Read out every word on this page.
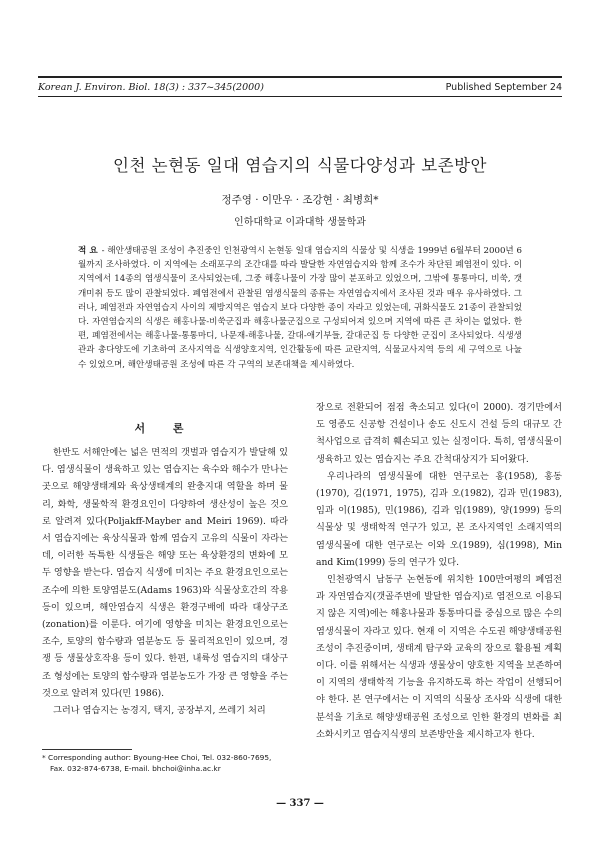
Korean J. Environ. Biol. 18(3) : 337~345(2000)	Published September 24
인천 논현동 일대 염습지의 식물다양성과 보존방안
정주영 · 이만우 · 조강현 · 최병희*
인하대학교 이과대학 생물학과
적 요 - 해안생태공원 조성이 추진중인 인천광역시 논현동 일대 염습지의 식물상 및 식생을 1999년 6월부터 2000년 6월까지 조사하였다. 이 지역에는 소래포구의 조간대를 따라 발달한 자연염습지와 함께 조수가 차단된 폐염전이 있다. 이 지역에서 14종의 염생식물이 조사되었는데, 그중 해홍나물이 가장 많이 분포하고 있었으며, 그밖에 통통마디, 비쑥, 갯개미취 등도 많이 관찰되었다. 폐염전에서 관찰된 염생식물의 종류는 자연염습지에서 조사된 것과 매우 유사하였다. 그러나, 폐염전과 자연염습지 사이의 제방지역은 염습지 보다 다양한 종이 자라고 있었는데, 귀화식물도 21종이 관찰되었다. 자연염습지의 식생은 해홍나물-비쑥군집과 해홍나물군집으로 구성되어져 있으며 지역에 따른 큰 차이는 없었다. 한편, 폐염전에서는 해홍나물-통통마디, 나문재-해홍나물, 갈대-애기부들, 갈대군집 등 다양한 군집이 조사되었다. 식생생관과 총다양도에 기초하여 조사지역을 식생양호지역, 인간활동에 따른 교란지역, 식물교사지역 등의 세 구역으로 나눌 수 있었으며, 해안생태공원 조성에 따른 각 구역의 보존대책을 제시하였다.
서 론

한반도 서해안에는 넓은 면적의 갯벌과 염습지가 발달해 있다. 염생식물이 생육하고 있는 염습지는 육수와 해수가 만나는 곳으로 해양생태계와 육상생태계의 완충지대 역할을 하며 물리, 화학, 생물학적 환경요인이 다양하여 생산성이 높은 것으로 알려져 있다(Poljakff-Mayber and Meiri 1969). 따라서 염습지에는 육상식물과 함께 염습지 고유의 식물이 자라는데, 이러한 독특한 식생들은 해양 또는 육상환경의 변화에 모두 영향을 받는다. 염습지 식생에 미치는 주요 환경요인으로는 조수에 의한 토양염분도(Adams 1963)와 식물상호간의 작용 등이 있으며, 해안염습지 식생은 환경구배에 따라 대상구조(zonation)를 이룬다. 여기에 영향을 미치는 환경요인으로는 조수, 토양의 함수량과 염분농도 등 물리적요인이 있으며, 경쟁 등 생물상호작용 등이 있다. 한편, 내륙성 염습지의 대상구조 형성에는 토양의 함수량과 염분농도가 가장 큰 영향을 주는 것으로 알려져 있다(민 1986).

그러나 염습지는 농경지, 택지, 공장부지, 쓰레기 처리

장으로 전환되어 점점 축소되고 있다(이 2000). 경기만에서도 영종도 신공항 건설이나 송도 신도시 건설 등의 대규모 간척사업으로 급격히 훼손되고 있는 실정이다. 특히, 염생식물이 생육하고 있는 염습지는 주요 간척대상지가 되어왔다.

우리나라의 염생식물에 대한 연구로는 홍(1958), 홍동(1970), 김(1971, 1975), 김과 오(1982), 김과 민(1983), 임과 이(1985), 민(1986), 김과 임(1989), 양(1999) 등의 식물상 및 생태학적 연구가 있고, 본 조사지역인 소래지역의 염생식물에 대한 연구로는 이와 오(1989), 심(1998), Min and Kim(1999) 등의 연구가 있다.

인천광역시 남동구 논현동에 위치한 100만여평의 폐염전과 자연염습지(갯골주변에 발달한 염습지)로 염전으로 이용되지 않은 지역)에는 해홍나물과 통통마디를 중심으로 많은 수의 염생식물이 자라고 있다. 현재 이 지역은 수도권 해양생태공원 조성이 추진중이며, 생태계 탐구와 교육의 장으로 활용될 계획이다. 이를 위해서는 식생과 생물상이 양호한 지역을 보존하여 이 지역의 생태학적 기능을 유지하도록 하는 작업이 선행되어야 한다. 본 연구에서는 이 지역의 식물상 조사와 식생에 대한 분석을 기초로 해양생태공원 조성으로 인한 환경의 변화를 최소화시키고 염습지식생의 보존방안을 제시하고자 한다.

* Corresponding author: Byoung-Hee Choi, Tel. 032-860-7695,
Fax. 032-874-6738, E-mail. bhchoi@inha.ac.kr
— 337 —
